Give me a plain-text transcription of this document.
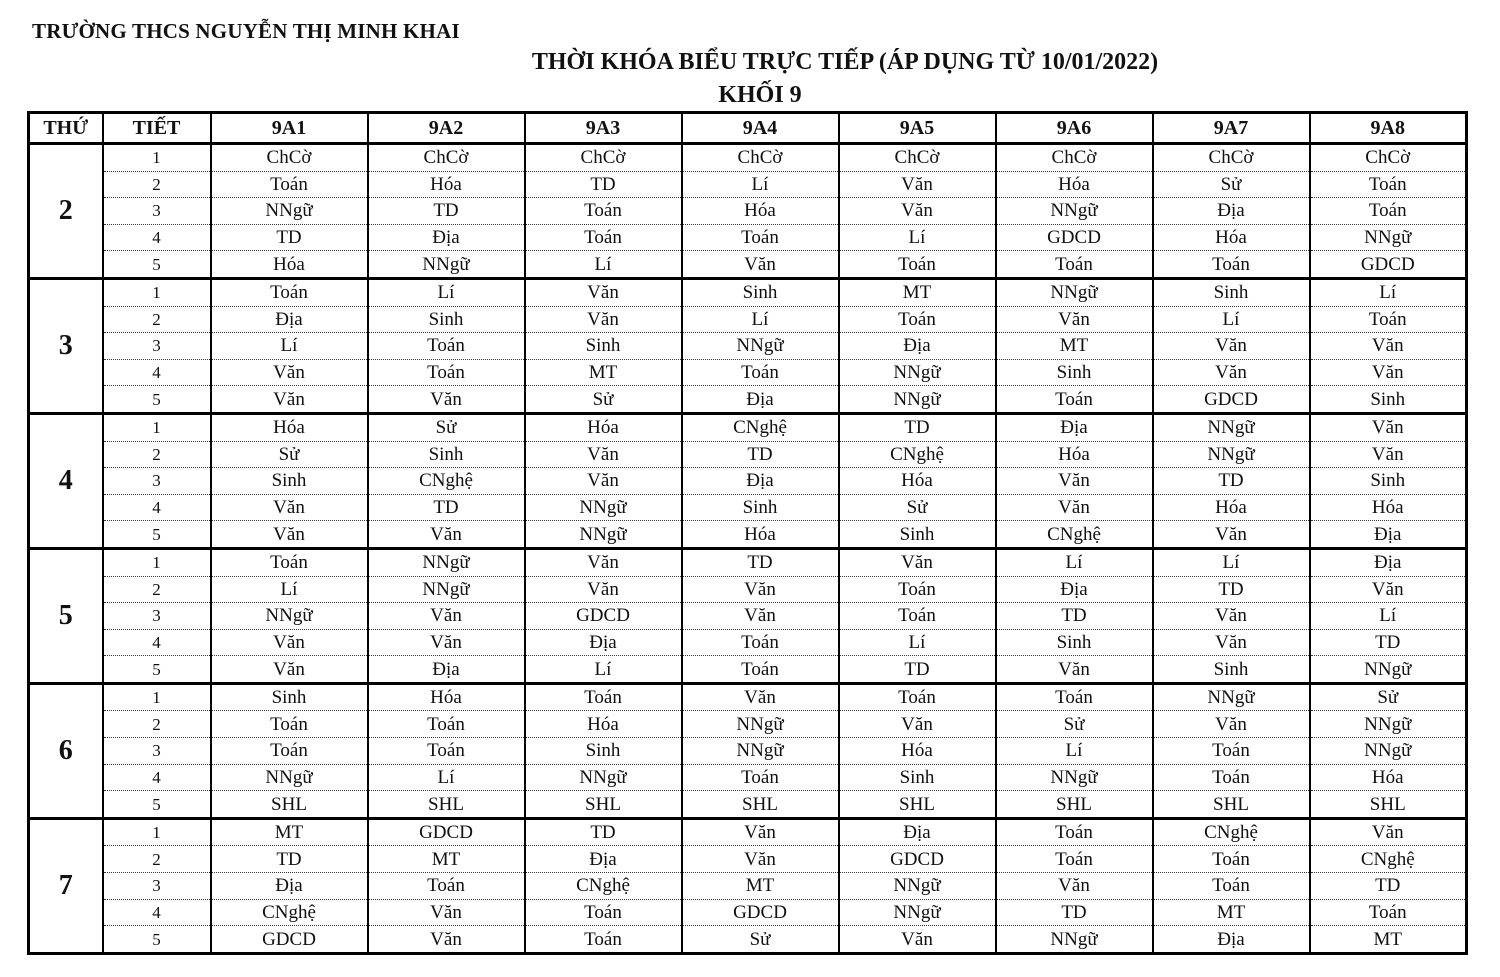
TRƯỜNG THCS NGUYỄN THỊ MINH KHAI
THỜI KHÓA BIỂU TRỰC TIẾP (ÁP DỤNG TỪ 10/01/2022)
KHỐI 9
THỨ	TIẾT	9A1	9A2	9A3	9A4	9A5	9A6	9A7	9A8
2	1	ChCờ	ChCờ	ChCờ	ChCờ	ChCờ	ChCờ	ChCờ	ChCờ
	2	Toán	Hóa	TD	Lí	Văn	Hóa	Sử	Toán
	3	NNgữ	TD	Toán	Hóa	Văn	NNgữ	Địa	Toán
	4	TD	Địa	Toán	Toán	Lí	GDCD	Hóa	NNgữ
	5	Hóa	NNgữ	Lí	Văn	Toán	Toán	Toán	GDCD
3	1	Toán	Lí	Văn	Sinh	MT	NNgữ	Sinh	Lí
	2	Địa	Sinh	Văn	Lí	Toán	Văn	Lí	Toán
	3	Lí	Toán	Sinh	NNgữ	Địa	MT	Văn	Văn
	4	Văn	Toán	MT	Toán	NNgữ	Sinh	Văn	Văn
	5	Văn	Văn	Sử	Địa	NNgữ	Toán	GDCD	Sinh
4	1	Hóa	Sử	Hóa	CNghệ	TD	Địa	NNgữ	Văn
	2	Sử	Sinh	Văn	TD	CNghệ	Hóa	NNgữ	Văn
	3	Sinh	CNghệ	Văn	Địa	Hóa	Văn	TD	Sinh
	4	Văn	TD	NNgữ	Sinh	Sử	Văn	Hóa	Hóa
	5	Văn	Văn	NNgữ	Hóa	Sinh	CNghệ	Văn	Địa
5	1	Toán	NNgữ	Văn	TD	Văn	Lí	Lí	Địa
	2	Lí	NNgữ	Văn	Văn	Toán	Địa	TD	Văn
	3	NNgữ	Văn	GDCD	Văn	Toán	TD	Văn	Lí
	4	Văn	Văn	Địa	Toán	Lí	Sinh	Văn	TD
	5	Văn	Địa	Lí	Toán	TD	Văn	Sinh	NNgữ
6	1	Sinh	Hóa	Toán	Văn	Toán	Toán	NNgữ	Sử
	2	Toán	Toán	Hóa	NNgữ	Văn	Sử	Văn	NNgữ
	3	Toán	Toán	Sinh	NNgữ	Hóa	Lí	Toán	NNgữ
	4	NNgữ	Lí	NNgữ	Toán	Sinh	NNgữ	Toán	Hóa
	5	SHL	SHL	SHL	SHL	SHL	SHL	SHL	SHL
7	1	MT	GDCD	TD	Văn	Địa	Toán	CNghệ	Văn
	2	TD	MT	Địa	Văn	GDCD	Toán	Toán	CNghệ
	3	Địa	Toán	CNghệ	MT	NNgữ	Văn	Toán	TD
	4	CNghệ	Văn	Toán	GDCD	NNgữ	TD	MT	Toán
	5	GDCD	Văn	Toán	Sử	Văn	NNgữ	Địa	MT
